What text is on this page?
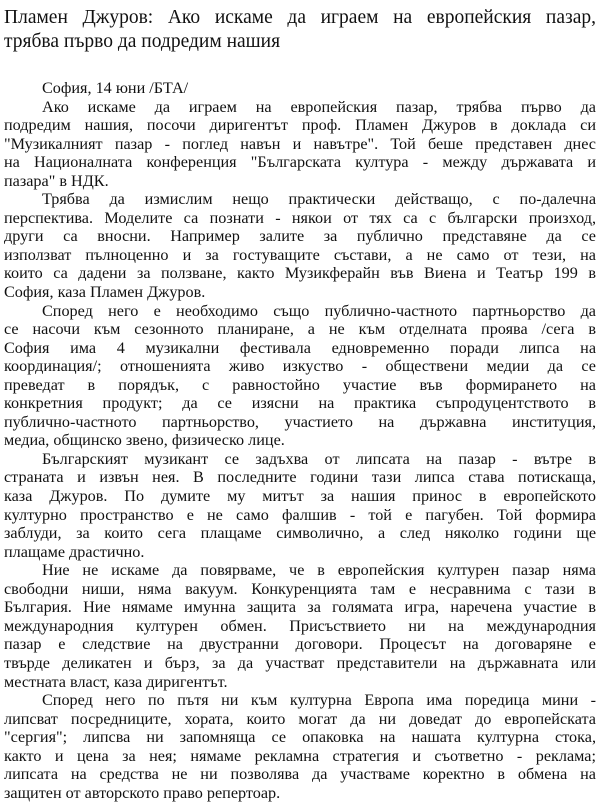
Пламен Джуров: Ако искаме да играем на европейския пазар,
трябва първо да подредим нашия
София, 14 юни /БТА/
Ако искаме да играем на европейския пазар, трябва първо да
подредим нашия, посочи диригентът проф. Пламен Джуров в доклада си
"Музикалният пазар - поглед навън и навътре". Той беше представен днес
на Националната конференция "Българската култура - между държавата и
пазара" в НДК.
Трябва да измислим нещо практически действащо, с по-далечна
перспектива. Моделите са познати - някои от тях са с български произход,
други са вносни. Например залите за публично представяне да се
използват пълноценно и за гостуващите състави, а не само от тези, на
които са дадени за ползване, както Музикферайн във Виена и Театър 199 в
София, каза Пламен Джуров.
Според него е необходимо също публично-частното партньорство да
се насочи към сезонното планиране, а не към отделната проява /сега в
София има 4 музикални фестивала едновременно поради липса на
координация/; отношенията живо изкуство - обществени медии да се
преведат в порядък, с равностойно участие във формирането на
конкретния продукт; да се изясни на практика съпродуцентството в
публично-частното партньорство, участието на държавна институция,
медиа, общинско звено, физическо лице.
Българският музикант се задъхва от липсата на пазар - вътре в
страната и извън нея. В последните години тази липса става потискаща,
каза Джуров. По думите му митът за нашия принос в европейското
културно пространство е не само фалшив - той е пагубен. Той формира
заблуди, за които сега плащаме символично, а след няколко години ще
плащаме драстично.
Ние не искаме да повярваме, че в европейския културен пазар няма
свободни ниши, няма вакуум. Конкуренцията там е несравнима с тази в
България. Ние нямаме имунна защита за голямата игра, наречена участие в
международния културен обмен. Присъствието ни на международния
пазар е следствие на двустранни договори. Процесът на договаряне е
твърде деликатен и бърз, за да участват представители на държавната или
местната власт, каза диригентът.
Според него по пътя ни към културна Европа има поредица мини -
липсват посредниците, хората, които могат да ни доведат до европейската
"сергия"; липсва ни запомняща се опаковка на нашата културна стока,
както и цена за нея; нямаме рекламна стратегия и съответно - реклама;
липсата на средства не ни позволява да участваме коректно в обмена на
защитен от авторското право репертоар.
